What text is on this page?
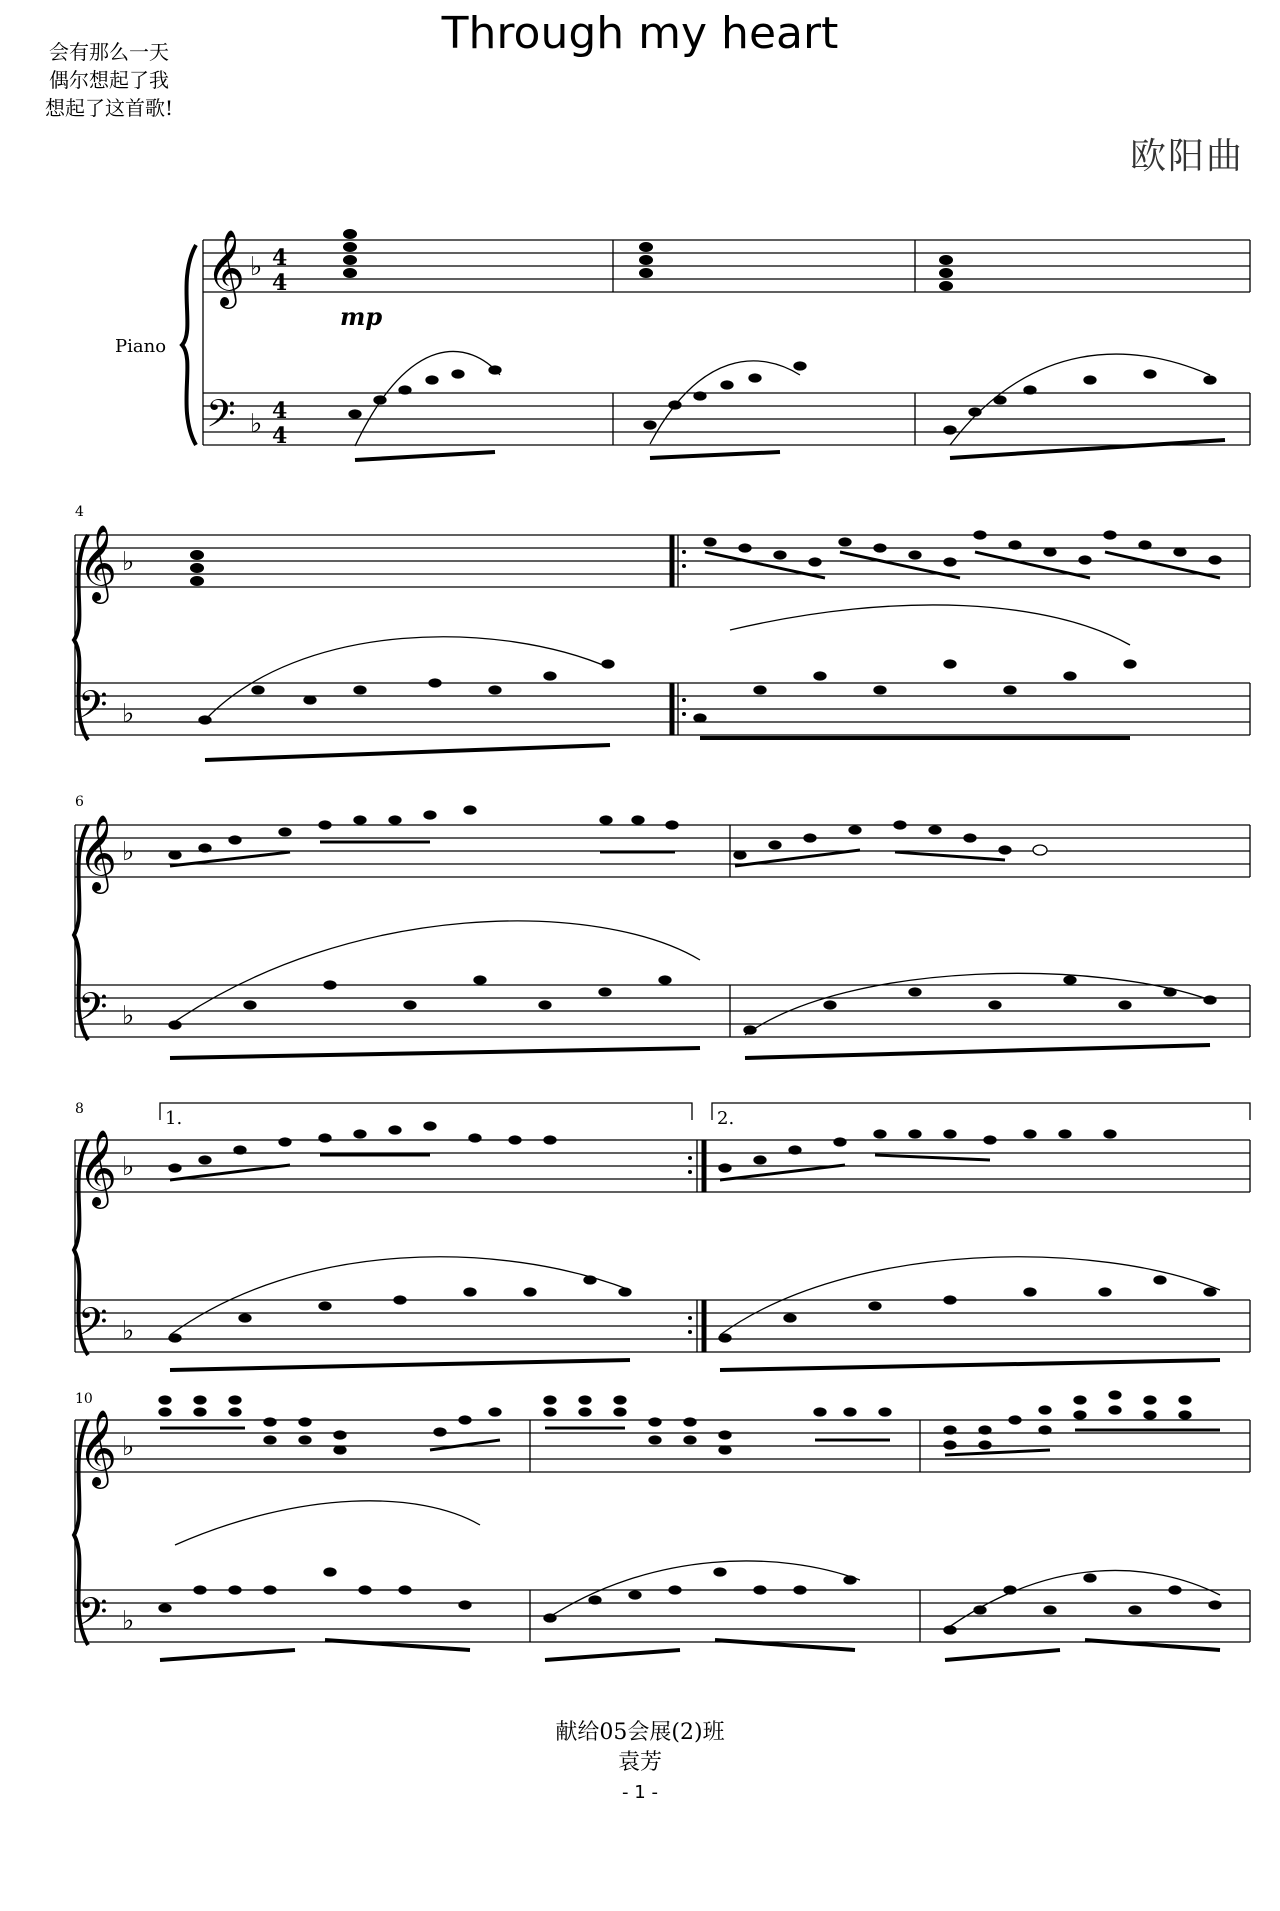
Through my heart
会有那么一天
偶尔想起了我
想起了这首歌!
欧阳曲
Piano
𝄞
𝄢
♭
♭
4
4
4
4
mp
4
𝄞
𝄢
♭
♭
6
𝄞
𝄢
♭
♭
8	1.	2.
𝄞
𝄢
♭
♭
10
𝄞
𝄢
♭
♭
献给05会展(2)班
袁芳
- 1 -
